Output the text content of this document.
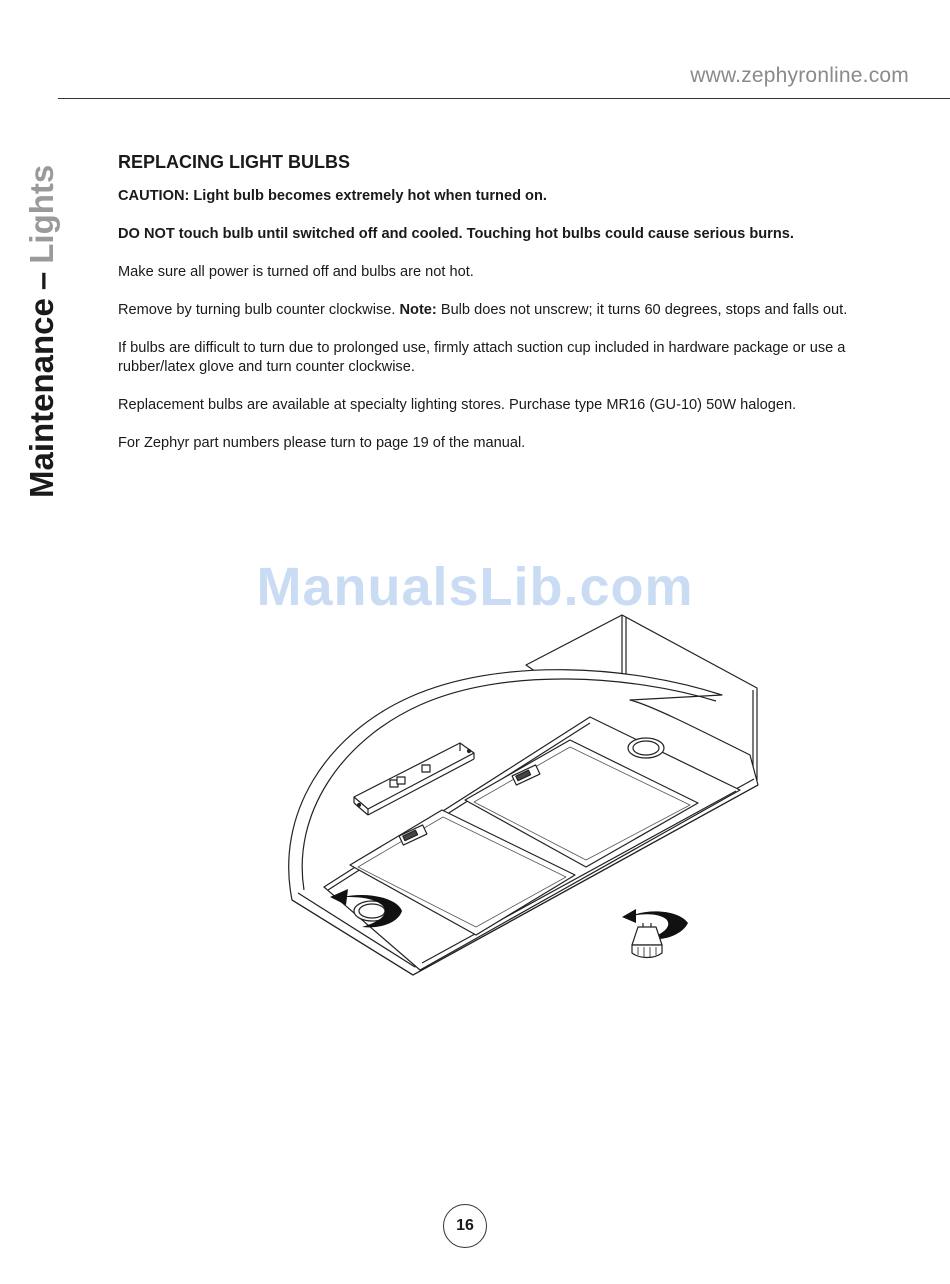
www.zephyronline.com
Maintenance–Lights
REPLACING LIGHT BULBS

CAUTION: Light bulb becomes extremely hot when turned on.

DO NOT touch bulb until switched off and cooled. Touching hot bulbs could cause serious burns.

Make sure all power is turned off and bulbs are not hot.

Remove by turning bulb counter clockwise. Note: Bulb does not unscrew; it turns 60 degrees, stops and falls out.

If bulbs are difficult to turn due to prolonged use, firmly attach suction cup included in hardware package or use a rubber/latex glove and turn counter clockwise.

Replacement bulbs are available at specialty lighting stores. Purchase type MR16 (GU-10) 50W halogen.

For Zephyr part numbers please turn to page 19 of the manual.

ManualsLib.com
16
